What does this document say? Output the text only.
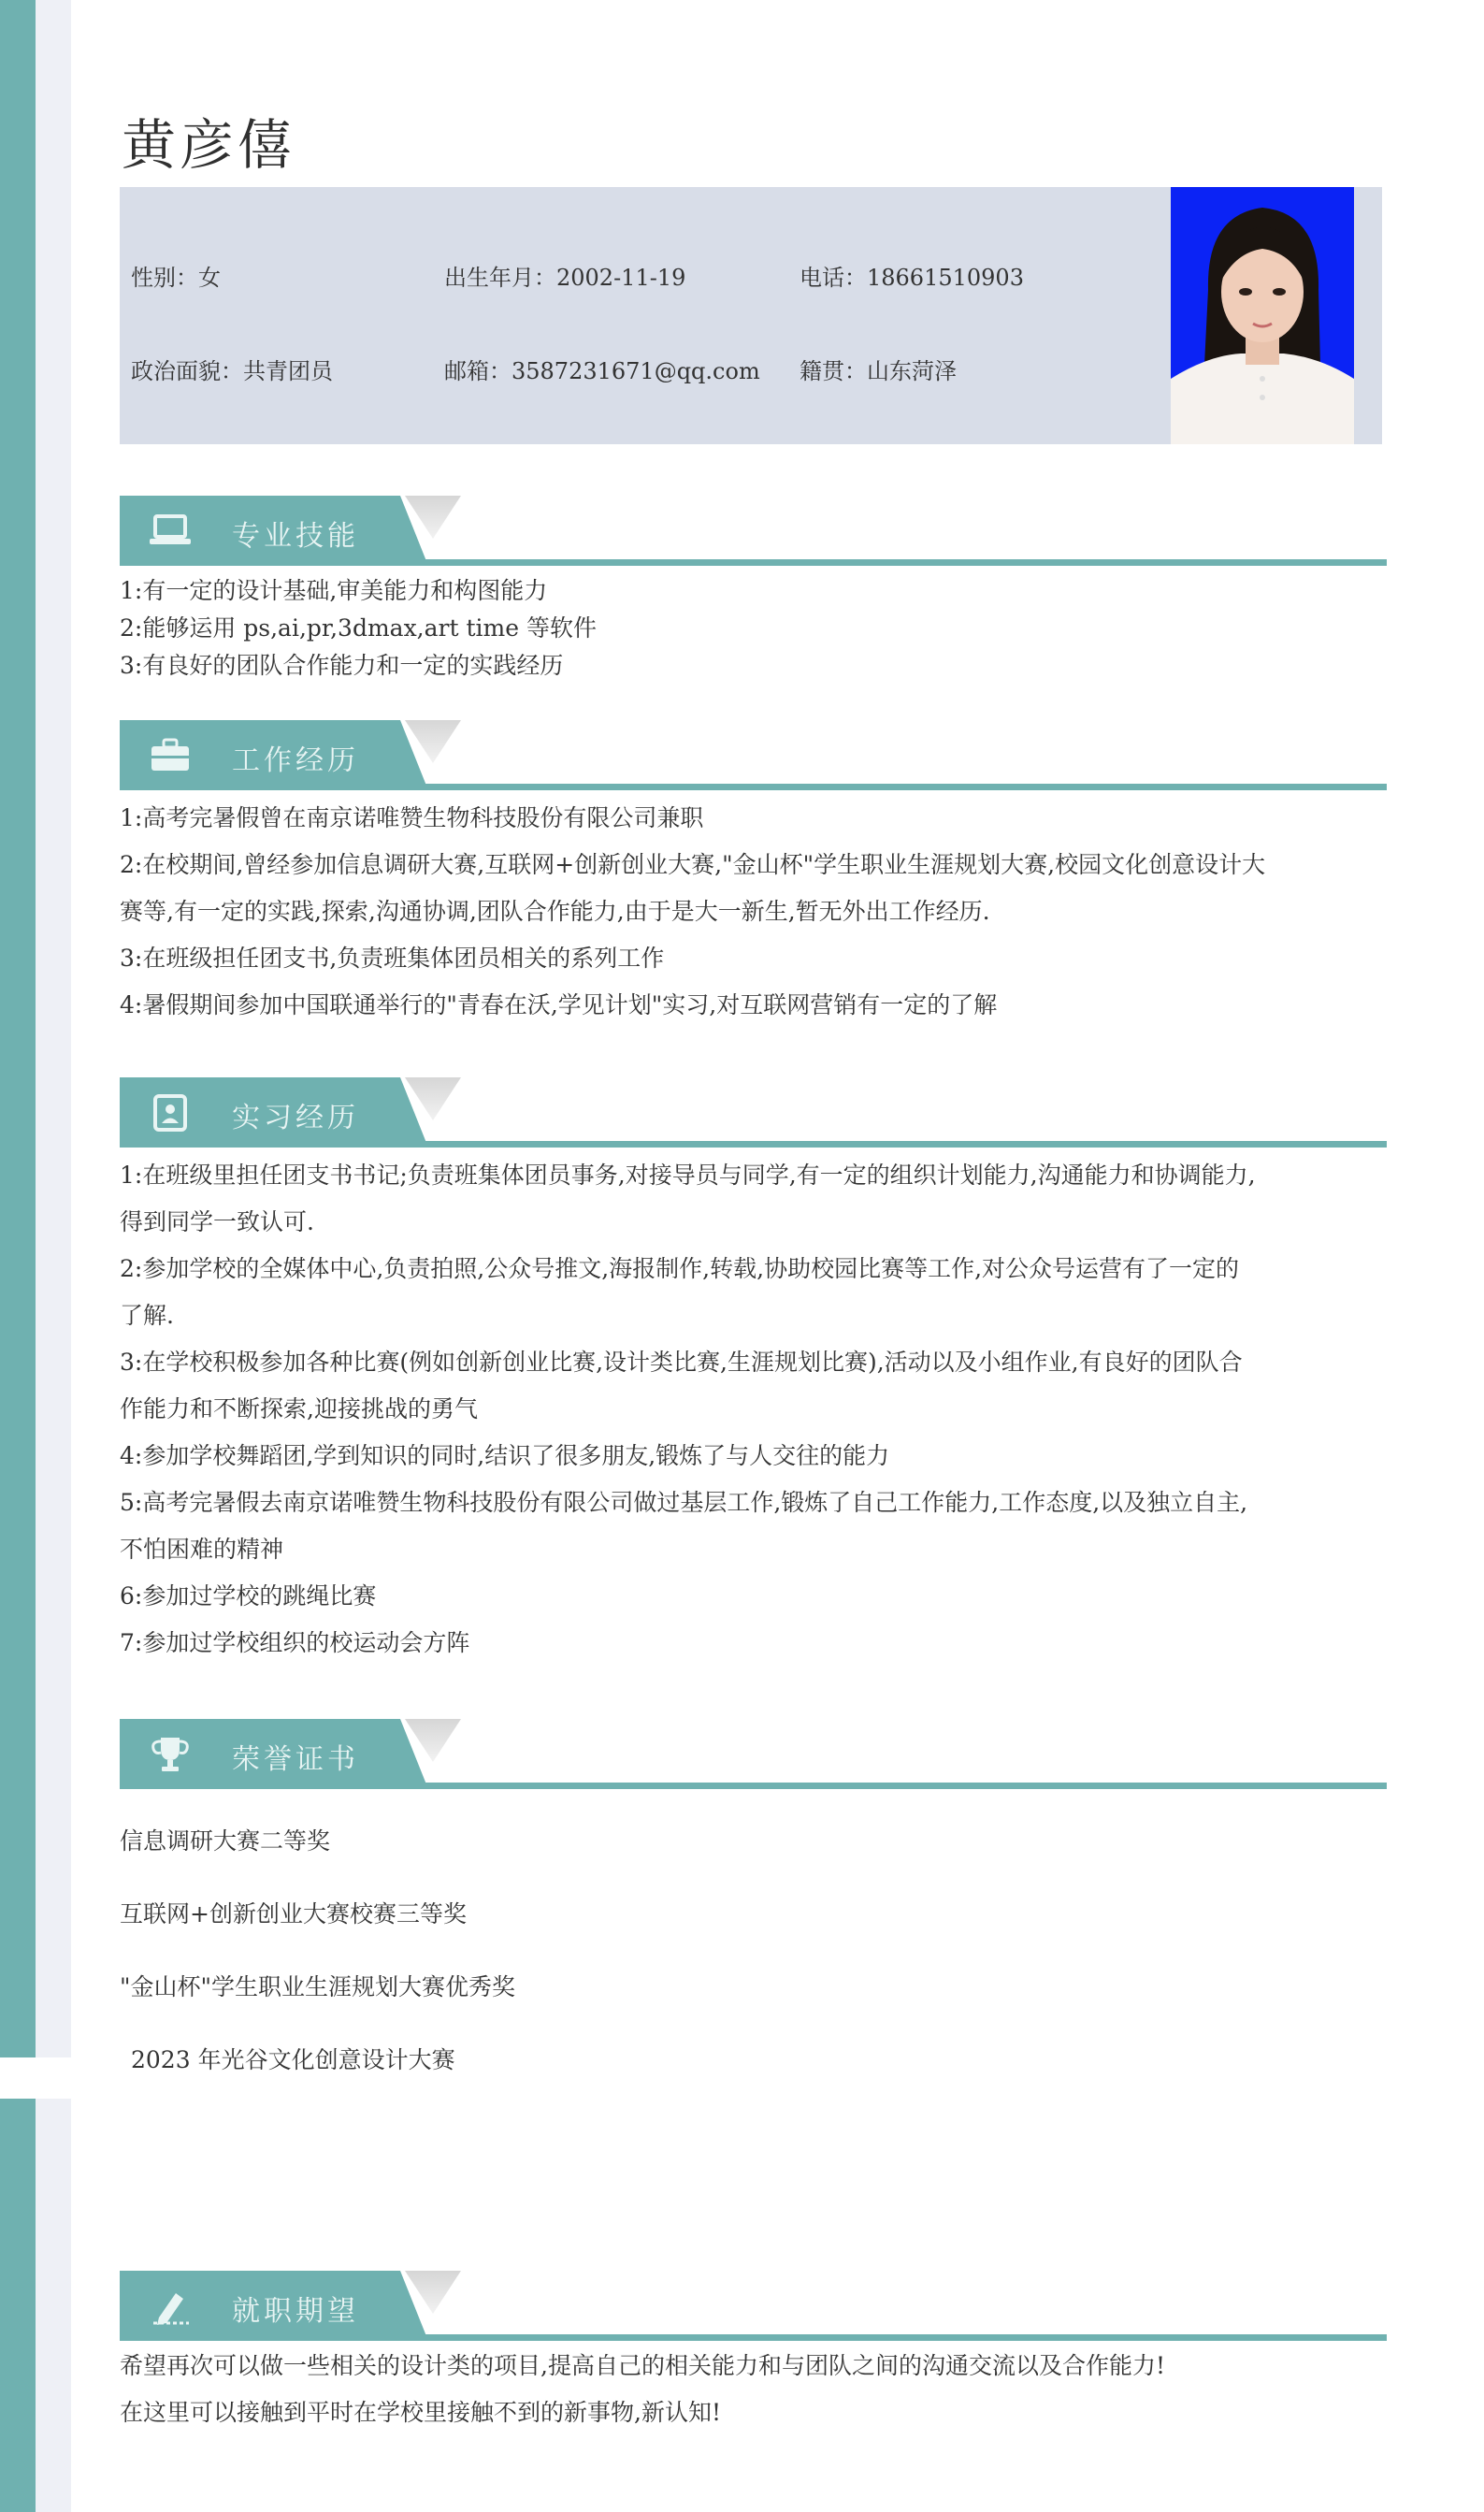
黄彦僖
性别：女	出生年月：2002-11-19	电话：18661510903
政治面貌：共青团员	邮箱：3587231671@qq.com 籍贯：山东菏泽
专业技能
1:有一定的设计基础,审美能力和构图能力
2:能够运用 ps,ai,pr,3dmax,art time 等软件
3:有良好的团队合作能力和一定的实践经历
工作经历
1:高考完暑假曾在南京诺唯赞生物科技股份有限公司兼职
2:在校期间,曾经参加信息调研大赛,互联网+创新创业大赛,"金山杯"学生职业生涯规划大赛,校园文化创意设计大
赛等,有一定的实践,探索,沟通协调,团队合作能力,由于是大一新生,暂无外出工作经历.
3:在班级担任团支书,负责班集体团员相关的系列工作
4:暑假期间参加中国联通举行的"青春在沃,学见计划"实习,对互联网营销有一定的了解
实习经历
1:在班级里担任团支书书记;负责班集体团员事务,对接导员与同学,有一定的组织计划能力,沟通能力和协调能力,
得到同学一致认可.
2:参加学校的全媒体中心,负责拍照,公众号推文,海报制作,转载,协助校园比赛等工作,对公众号运营有了一定的
了解.
3:在学校积极参加各种比赛(例如创新创业比赛,设计类比赛,生涯规划比赛),活动以及小组作业,有良好的团队合
作能力和不断探索,迎接挑战的勇气
4:参加学校舞蹈团,学到知识的同时,结识了很多朋友,锻炼了与人交往的能力
5:高考完暑假去南京诺唯赞生物科技股份有限公司做过基层工作,锻炼了自己工作能力,工作态度,以及独立自主,
不怕困难的精神
6:参加过学校的跳绳比赛
7:参加过学校组织的校运动会方阵
荣誉证书
信息调研大赛二等奖
互联网+创新创业大赛校赛三等奖
"金山杯"学生职业生涯规划大赛优秀奖
2023 年光谷文化创意设计大赛
就职期望
希望再次可以做一些相关的设计类的项目,提高自己的相关能力和与团队之间的沟通交流以及合作能力!
在这里可以接触到平时在学校里接触不到的新事物,新认知!
